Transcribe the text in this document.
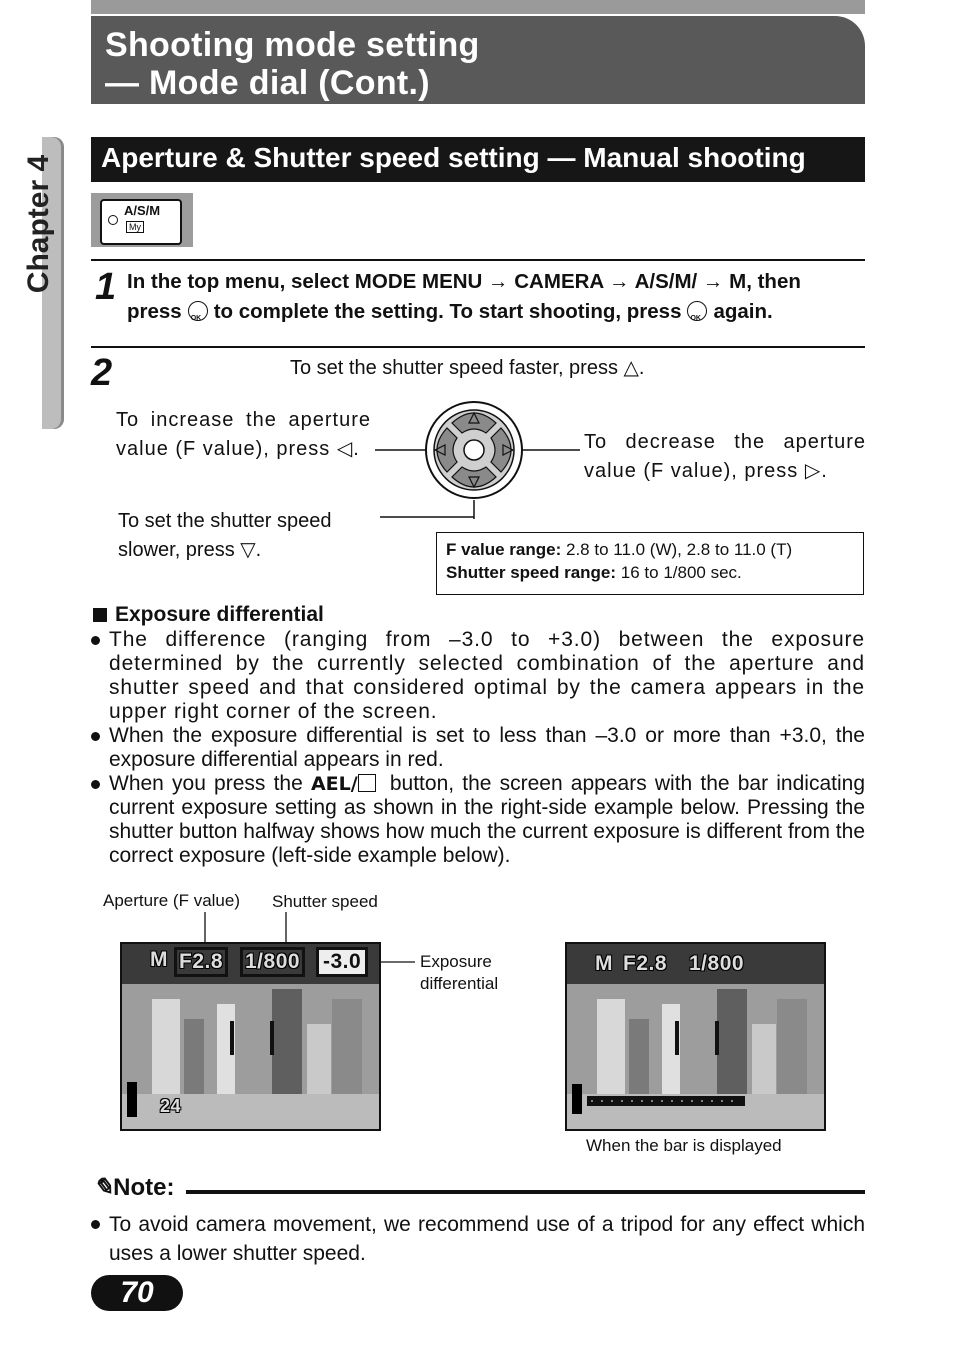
Shooting mode setting
— Mode dial (Cont.)
Chapter 4 Aperture & Shutter speed setting — Manual shooting
A/S/M
My
1 In the top menu, select MODE MENU → CAMERA → A/S/M/ → M, then
press OK to complete the setting. To start shooting, press OK again.
2	To set the shutter speed faster, press △.
To increase the aperture value (F value), press ◁.	To decrease the aperture value (F value), press ▷.
To set the shutter speed slower, press ▽.	F value range: 2.8 to 11.0 (W), 2.8 to 11.0 (T)
Shutter speed range: 16 to 1/800 sec.
Exposure differential
The difference (ranging from –3.0 to +3.0) between the exposure determined by the currently selected combination of the aperture and shutter speed and that considered optimal by the camera appears in the upper right corner of the screen.
When the exposure differential is set to less than –3.0 or more than +3.0, the exposure differential appears in red.
When you press the AEL/ button, the screen appears with the bar indicating current exposure setting as shown in the right-side example below. Pressing the shutter button halfway shows how much the current exposure is different from the correct exposure (left-side example below).
Aperture (F value) Shutter speed
Exposure differential
M F2.8 1/800	-3.0
24
M F2.8 1/800
When the bar is displayed
✎Note:
To avoid camera movement, we recommend use of a tripod for any effect which uses a lower shutter speed.
70
